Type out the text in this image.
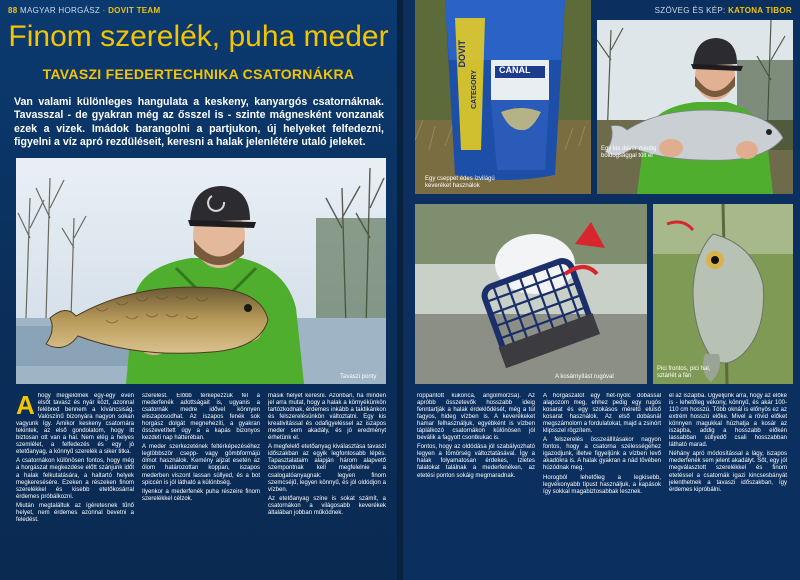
88 MAGYAR HORGÁSZ · DOVIT TEAM
Finom szerelék, puha meder
TAVASZI FEEDERTECHNIKA CSATORNÁKRA
Van valami különleges hangulata a keskeny, kanyargós csatornáknak. Tavasszal - de gyakran még az ősszel is - szinte mágnesként vonzanak ezek a vizek. Imádok barangolni a partjukon, új helyeket felfedezni, figyelni a víz apró rezdüléseit, keresni a halak jelenlétére utaló jeleket.
Tavaszi ponty
A hogy megjelölnek egy-egy éven elsőt tavasz és nyár közt, azonnal felébred bennem a kíváncsiság. Valószínű bizonyára nagyon sokan vagyunk így. Amikor keskeny csatornára tekintek, az első gondolatom, hogy itt biztosan ott van a hal. Nem elég a helyes szemlélet, a felfedezés és egy jó etetőanyag, a könnyű szerelék a siker titka.

A csatornákon különösen fontos, hogy még a horgászat megkezdése előtt szánjunk időt a halak felkutatására, a haltartó helyek megkeresésére. Ezeken a részeken finom szerelékkel és kisebb etetőkosárral érdemes próbálkozni.

Miután megtaláltuk az ígéretesnek tűnő helyet, nem érdemes azonnal bevetni a feledést.

szerelést. Előbb térképezzük fel a mederfenék adottságait is, ugyanis a csatornák medre idővel könnyen eliszaposodhat. Az iszapos fenék sok horgász dolgát megnehezíti, a gyakran összevetített úgy a a kapás bizonyos kezdeti nap hátteréban.

A meder szerkezetének feltérképezéséhez legtöbbször csepp- vagy gömbformájú ólmot használok. Kemény aljzat esetén az ólom határozottan koppan, iszapos mederben viszont lassan süllyed, és a bot spiccén is jól látható a különbség.

Ilyenkor a mederfenék puha részeire finom szerelékkel célzok.

másik helyet keresni. Azonban, ha minden jel arra mutat, hogy a halak a környékünkön tartózkodnak, érdemes inkább a taktikánkon és felszerelésünkön változtatni. Egy kis kreativitással és odafigyeléssel az iszapos meder sem akadály, és jó eredményt érhetünk el.

A megfelelő etetőanyag kiválasztása tavaszi időszakban az egyik legfontosabb lépés. Tapasztalataim alapján három alapvető szempontnak kell megfelelnie a csalogatóanyagnak: legyen finom szemcséjű, legyen könnyű, és jól oldódjon a vízben.

Az etetőanyag színe is sokat számít, a csatornákon a világosabb keverékek általában jobban működnek.

SZÖVEG ÉS KÉP: KATONA TIBOR
DOVIT
CATEGORY CANAL
Egy cseppet édes ízvilágú keveréket használok
Egy kis dévér mindig boldogsággal tölt el
A kosárnyílást rugóval
Pici frontos, pici hal, sztárlét a fán

roppantott kukorica, angolmorzsa). Az apróbb összetevők hosszabb ideig fenntartják a halak érdeklődését, még a túl fagyos, hideg vízben is. A keverékeket hamar felhasználjuk, egyébként is vízben táplálkozó csatornákon különösen jól beválik a fagyott csontkukac is.

Fontos, hogy az oldódása jól szabályozható legyen a tömörség változtatásával. Így a halak folyamatosan érdekes, ízletes falatokat találnak a mederfenéken, az etetési ponton sokáig megmaradnak.

A horgászatot egy hét-nyolc dobással alapozom meg, ehhez pedig egy rugós kosarat és egy szokásos méretű elülső kosarat használok. Az első dobásnál megszámolom a fordulatokat, majd a zsinórt klipsszel rögzítem.

A felszerelés összeállításakor nagyon fontos, hogy a csatorna szélességéhez igazodjunk, illetve figyeljünk a vízben levő akadókra is. A halak gyakran a nád tövében húzódnak meg.

Horogból lehetőleg a legkisebb, legvékonyabb típust használjuk, a kapások így sokkal magabiztosabbak lesznek.

el az iszapba. Ügyeljünk arra, hogy az előke is - lehetőleg vékony, könnyű, és akár 100-110 cm hosszú. Több oknál is előnyös ez az extrém hosszú előke. Mivel a rövid előket könnyen magukkal húzhatja a kosár az iszapba, addig a hosszabb előkén lassabban süllyedő csali hosszabban látható marad.

Néhány apró módosítással a lágy, iszapos mederfenék sem jelent akadályt. Sőt, egy jól megválasztott szerelékkel és finom etetéssel a csatornák igazi kincsesbányát jelenthetnek a tavaszi időszakban, így érdemes kipróbálni.
